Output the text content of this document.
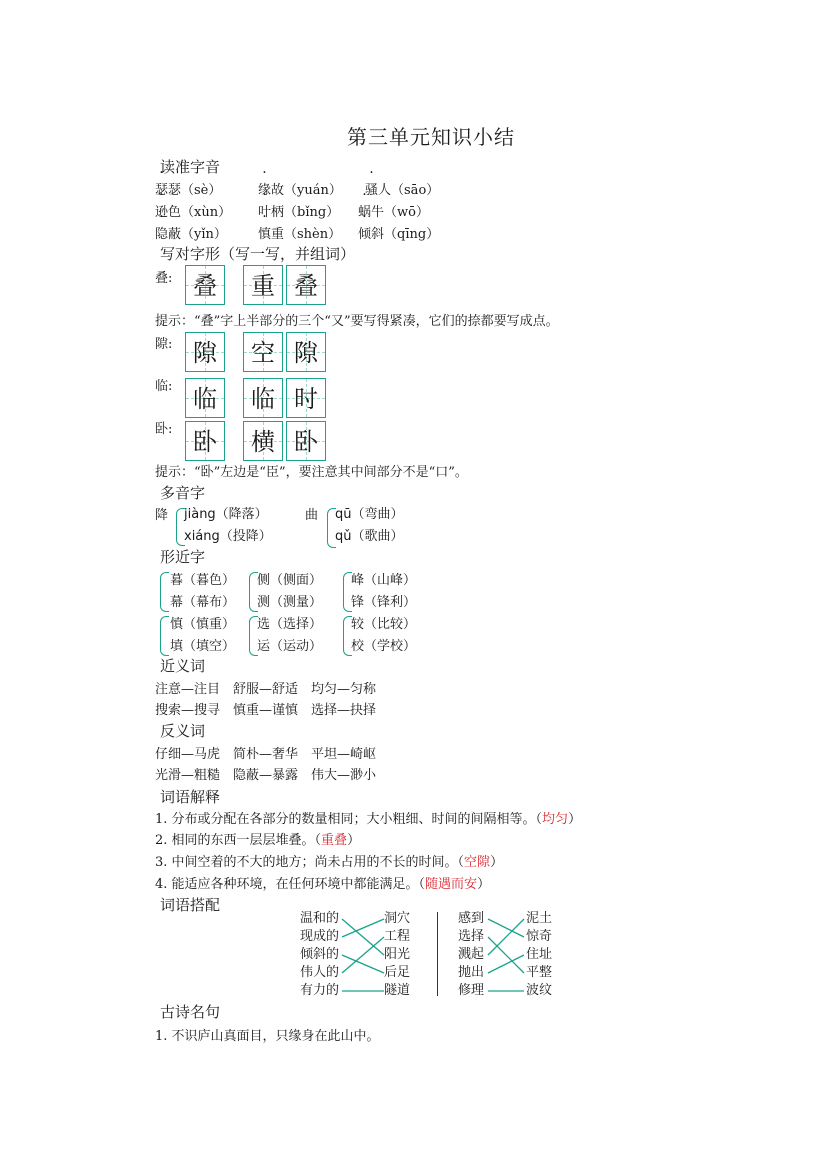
第三单元知识小结
读准字音
瑟瑟（sè）	缘故（yuán） 骚人（sāo）
逊色（xùn） 叶柄（bǐng） 蜗牛（wō）
隐蔽（yǐn） 慎重（shèn） 倾斜（qīng）
写对字形（写一写，并组词）
叠: 叠 重 叠
提示：“叠”字上半部分的三个“又”要写得紧凑，它们的捺都要写成点。
隙: 隙 空 隙
临: 临 临 时
卧: 卧 横 卧
提示：“卧”左边是“臣”，要注意其中间部分不是“口”。
多音字
降 jiàng（降落）
xiáng（投降）
曲 qū（弯曲）
qǔ（歌曲）
形近字
暮（暮色）
幕（幕布）
侧（侧面）
测（测量）
峰（山峰）
锋（锋利）
慎（慎重）
填（填空）
选（选择）
运（运动）
较（比较）
校（学校）
近义词
注意—注目　舒服—舒适　均匀—匀称
搜索—搜寻　慎重—谨慎　选择—抉择
反义词
仔细—马虎　简朴—奢华　平坦—崎岖
光滑—粗糙　隐蔽—暴露　伟大—渺小
词语解释
1. 分布或分配在各部分的数量相同；大小粗细、时间的间隔相等。（均匀）
2. 相同的东西一层层堆叠。（重叠）
3. 中间空着的不大的地方；尚未占用的不长的时间。（空隙）
4. 能适应各种环境，在任何环境中都能满足。（随遇而安）
词语搭配
温和的
现成的
倾斜的
伟人的
有力的
洞穴
工程
阳光
后足
隧道
感到
选择
溅起
抛出
修理
泥土
惊奇
住址
平整
波纹
古诗名句
1. 不识庐山真面目，只缘身在此山中。
